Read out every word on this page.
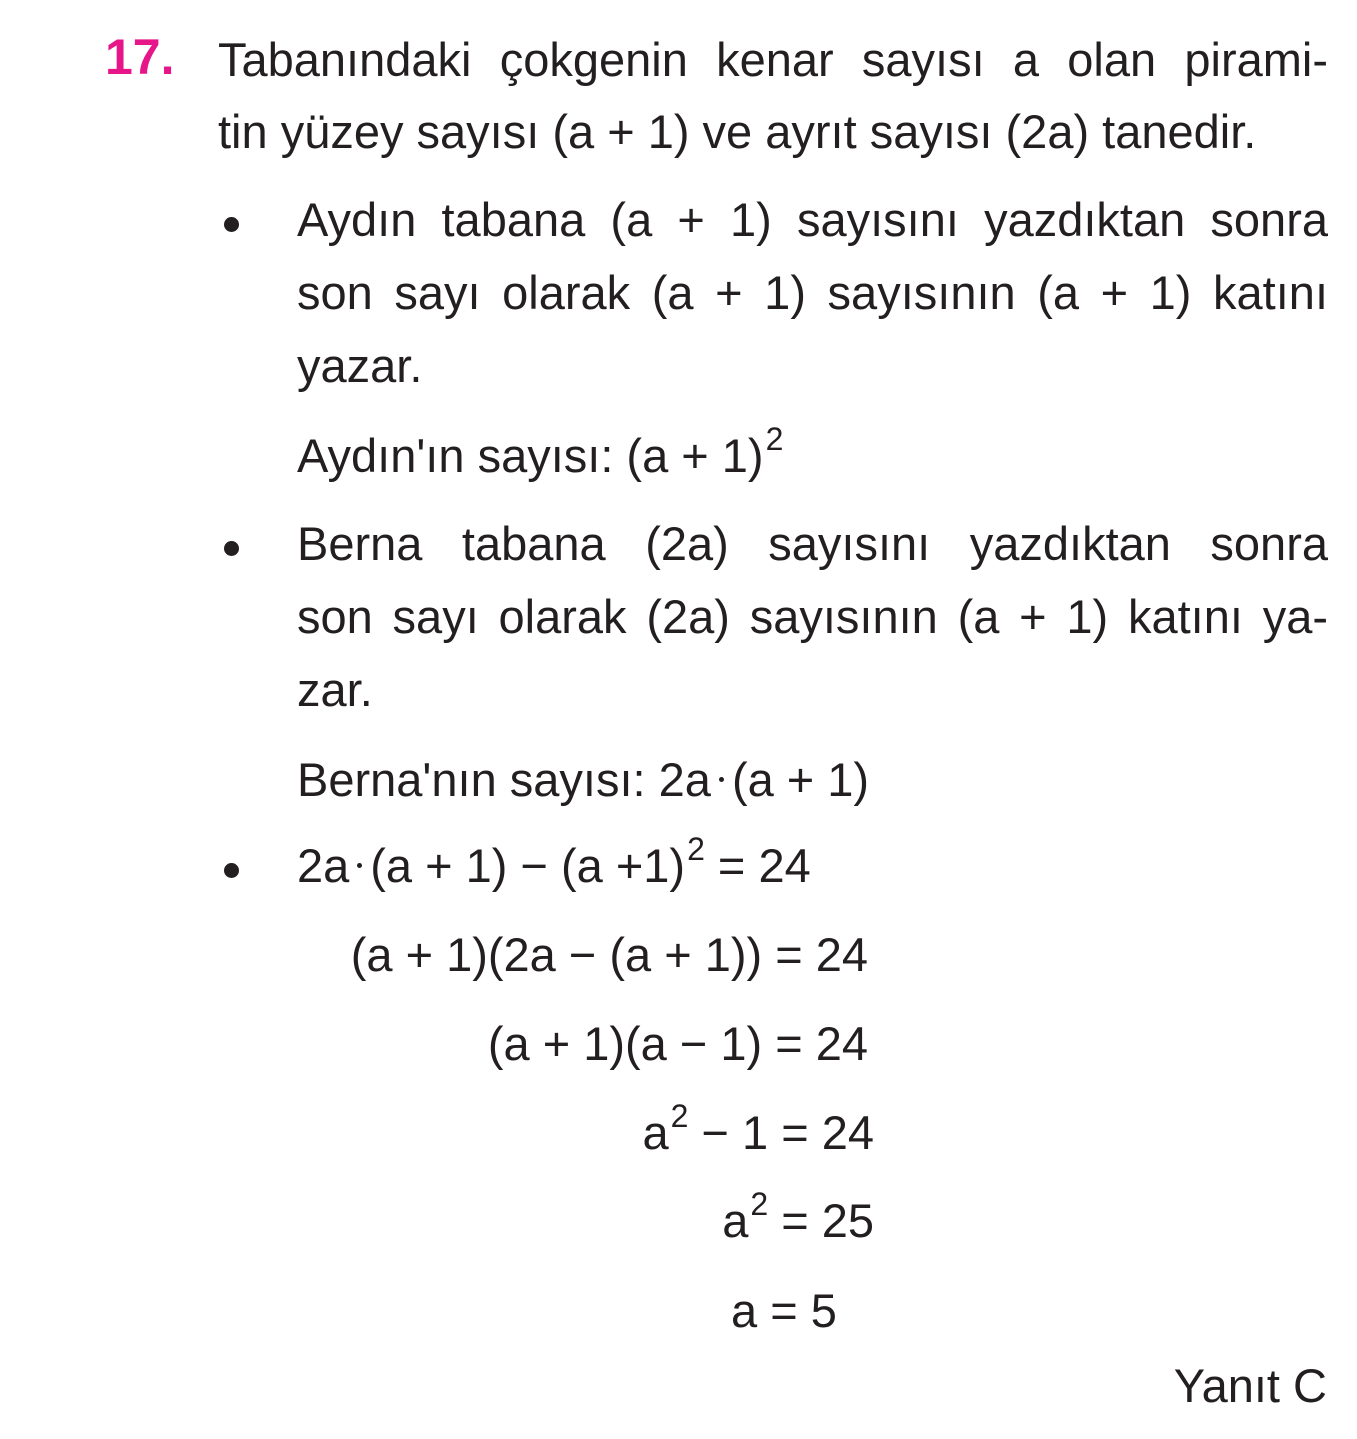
17. Tabanındaki çokgenin kenar sayısı a olan pirami-
tin yüzey sayısı (a + 1) ve ayrıt sayısı (2a) tanedir.
Aydın tabana (a + 1) sayısını yazdıktan sonra
son sayı olarak (a + 1) sayısının (a + 1) katını
yazar.
Aydın'ın sayısı: $(a + 1)^2$
Berna tabana (2a) sayısını yazdıktan sonra
son sayı olarak (2a) sayısının (a + 1) katını ya-
zar.
Berna'nın sayısı: 2a (a + 1)
2a $(a + 1) - (a +1)^2 = 24$
(a + 1)(2a − (a + 1)) = 24
(a + 1)(a − 1) = 24
$a^2 - 1 = 24$
$a^2 = 25$
a = 5
Yanıt C
